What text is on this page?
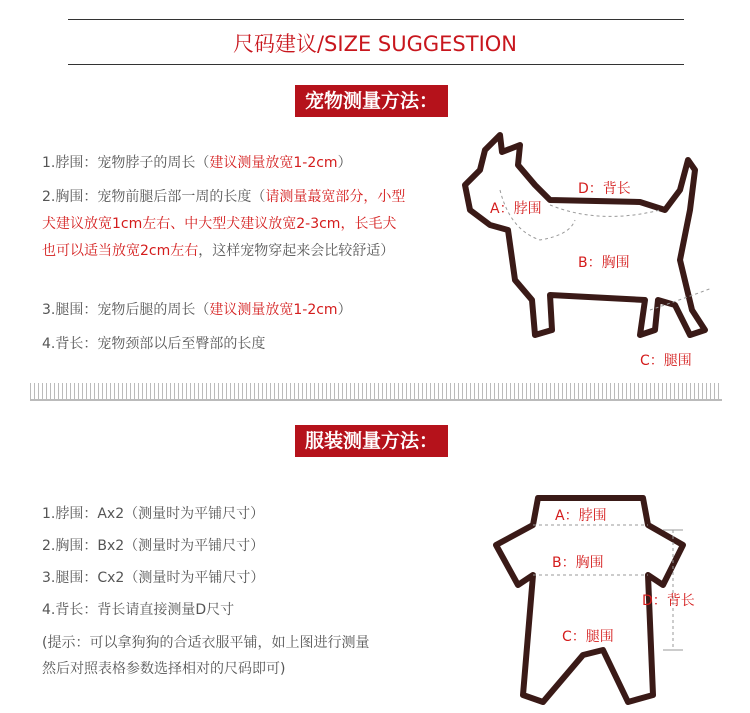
尺码建议/SIZE SUGGESTION
宠物测量方法：
1.脖围：宠物脖子的周长（建议测量放宽1-2cm）
2.胸围：宠物前腿后部一周的长度（请测量蕞宽部分，小型犬建议放宽1cm左右、中大型犬建议放宽2-3cm，长毛犬也可以适当放宽2cm左右，这样宠物穿起来会比较舒适）
3.腿围：宠物后腿的周长（建议测量放宽1-2cm）
4.背长：宠物颈部以后至臀部的长度
A：脖围
D：背长
B：胸围
C：腿围
服装测量方法：
1.脖围：Ax2（测量时为平铺尺寸）
2.胸围：Bx2（测量时为平铺尺寸）
3.腿围：Cx2（测量时为平铺尺寸）
4.背长：背长请直接测量D尺寸
(提示：可以拿狗狗的合适衣服平铺，如上图进行测量
然后对照表格参数选择相对的尺码即可)
A：脖围
B：胸围
C：腿围
D：背长
